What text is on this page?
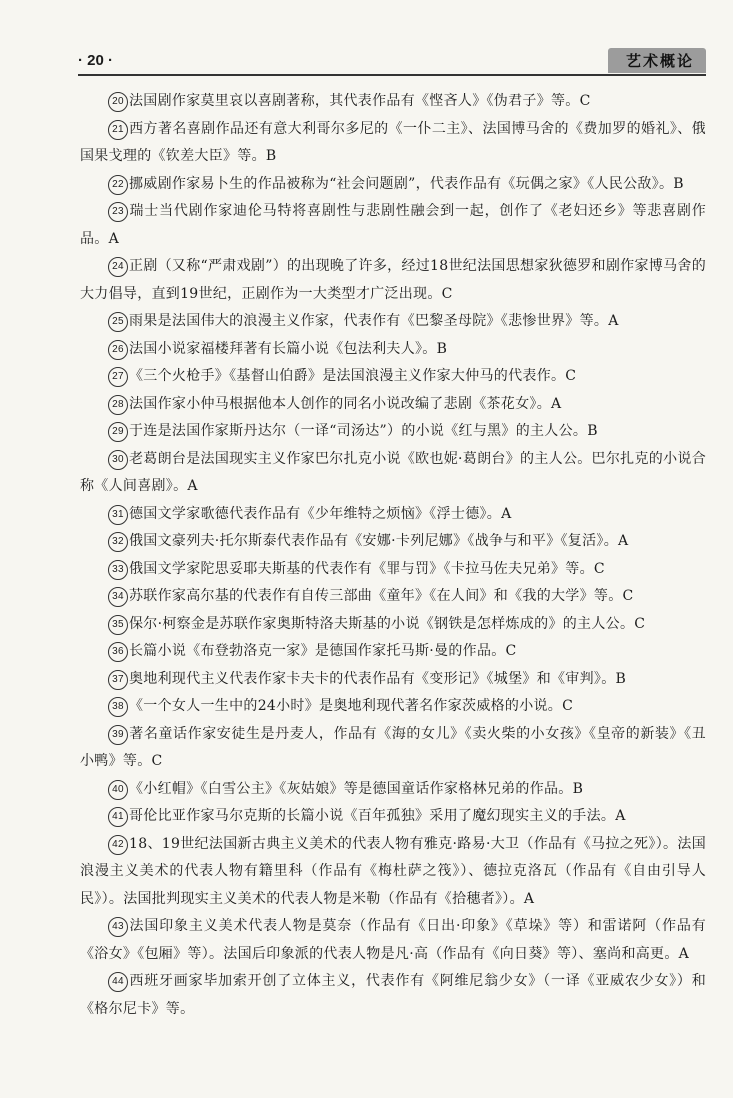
· 20 ·	艺术概论

20 法国剧作家莫里哀以喜剧著称，其代表作品有《悭吝人》《伪君子》等。C

21 西方著名喜剧作品还有意大利哥尔多尼的《一仆二主》、法国博马舍的《费加罗的婚礼》、俄国果戈理的《钦差大臣》等。B

22 挪威剧作家易卜生的作品被称为“社会问题剧”，代表作品有《玩偶之家》《人民公敌》。B

23 瑞士当代剧作家迪伦马特将喜剧性与悲剧性融会到一起，创作了《老妇还乡》等悲喜剧作品。A

24 正剧（又称“严肃戏剧”）的出现晚了许多，经过18世纪法国思想家狄德罗和剧作家博马舍的大力倡导，直到19世纪，正剧作为一大类型才广泛出现。C

25 雨果是法国伟大的浪漫主义作家，代表作有《巴黎圣母院》《悲惨世界》等。A

26 法国小说家福楼拜著有长篇小说《包法利夫人》。B

27 《三个火枪手》《基督山伯爵》是法国浪漫主义作家大仲马的代表作。C

28 法国作家小仲马根据他本人创作的同名小说改编了悲剧《茶花女》。A

29 于连是法国作家斯丹达尔（一译“司汤达”）的小说《红与黑》的主人公。B

30 老葛朗台是法国现实主义作家巴尔扎克小说《欧也妮·葛朗台》的主人公。巴尔扎克的小说合称《人间喜剧》。A

31 德国文学家歌德代表作品有《少年维特之烦恼》《浮士德》。A

32 俄国文豪列夫·托尔斯泰代表作品有《安娜·卡列尼娜》《战争与和平》《复活》。A

33 俄国文学家陀思妥耶夫斯基的代表作有《罪与罚》《卡拉马佐夫兄弟》等。C

34 苏联作家高尔基的代表作有自传三部曲《童年》《在人间》和《我的大学》等。C

35 保尔·柯察金是苏联作家奥斯特洛夫斯基的小说《钢铁是怎样炼成的》的主人公。C

36 长篇小说《布登勃洛克一家》是德国作家托马斯·曼的作品。C

37 奥地利现代主义代表作家卡夫卡的代表作品有《变形记》《城堡》和《审判》。B

38 《一个女人一生中的24小时》是奥地利现代著名作家茨威格的小说。C

39 著名童话作家安徒生是丹麦人，作品有《海的女儿》《卖火柴的小女孩》《皇帝的新装》《丑小鸭》等。C

40 《小红帽》《白雪公主》《灰姑娘》等是德国童话作家格林兄弟的作品。B

41 哥伦比亚作家马尔克斯的长篇小说《百年孤独》采用了魔幻现实主义的手法。A

42 18、19世纪法国新古典主义美术的代表人物有雅克·路易·大卫（作品有《马拉之死》）。法国浪漫主义美术的代表人物有籍里科（作品有《梅杜萨之筏》）、德拉克洛瓦（作品有《自由引导人民》）。法国批判现实主义美术的代表人物是米勒（作品有《拾穗者》）。A

43 法国印象主义美术代表人物是莫奈（作品有《日出·印象》《草垛》等）和雷诺阿（作品有《浴女》《包厢》等）。法国后印象派的代表人物是凡·高（作品有《向日葵》等）、塞尚和高更。A

44 西班牙画家毕加索开创了立体主义，代表作有《阿维尼翁少女》（一译《亚威农少女》）和《格尔尼卡》等。
